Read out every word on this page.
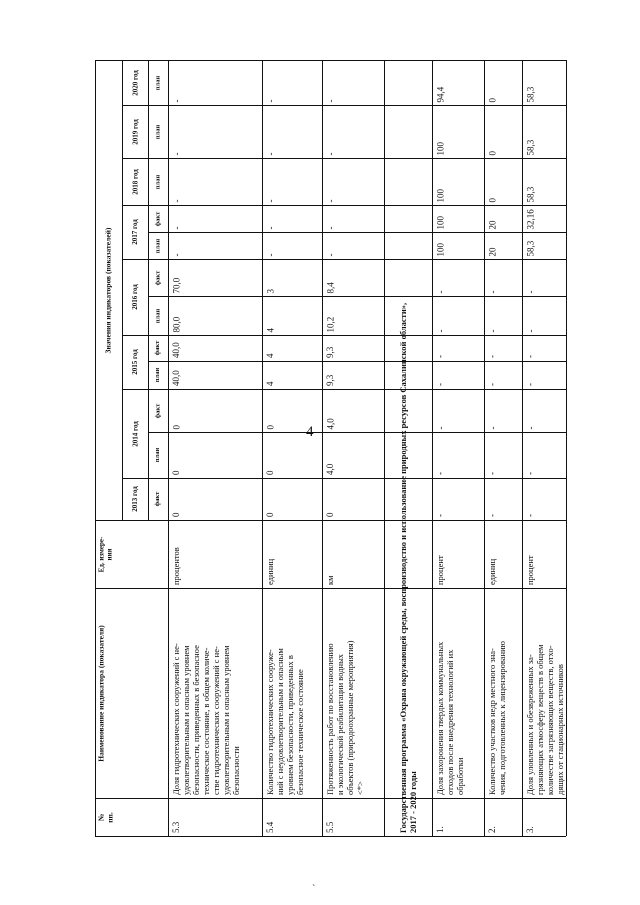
`
Значения индикаторов (показателей)
2013 год
2014 год
2015 год
2016 год
2017 год
2018 год
2019 год
2020 год
факт
план
факт
план
факт
план
факт
план
факт
план
план
план
Ед. измере- ния
Наименование индикатора (показателя)
№ пп.	Государственная программа «Охрана окружающей среды, воспроизводство и использование природных ресурсов Сахалинской области», 2017 - 2020 годы
5.3
Доля гидротехнических сооружений с не- удовлетворительным и опасным уровнем безопасности, приведенных в безопасное техническое состояние, в общем количе- стве гидротехнических сооружений с не- удовлетворительным и опасным уровнем безопасности
процентов
0
0
0
40,0
40,0
80,0
70,0
-
-
-
-
-
5.4
Количество гидротехнических сооруже- ний с неудовлетворительным и опасным уровнем безопасности, приведенных в безопасное техническое состояние
единиц
0
0
0
4
4
4
3
-
-
-
-
-
5.5
Протяженность работ по восстановлению и экологической реабилитации водных объектов (природоохранные мероприятия) <*>
км
0
4,0
4,0
9,3
9,3
10,2
8,4
-
-
-
-
-
1.
Доля захоронения твердых коммунальных отходов после внедрения технологий их обработки
процент
-
-
-
-
-
-
-
100
100
100
100
94,4
2.
Количество участков недр местного зна- чения, подготовленных к лицензированию
единиц
-
-
-
-
-
-
-
20
20
0
0
0
3.
Доля уловленных и обезвреженных за- грязняющих атмосферу веществ в общем количестве загрязняющих веществ, отхо- дящих от стационарных источников
процент
-
-
-
-
-
-
-
58,3
32,16
58,3
58,3
58,3
